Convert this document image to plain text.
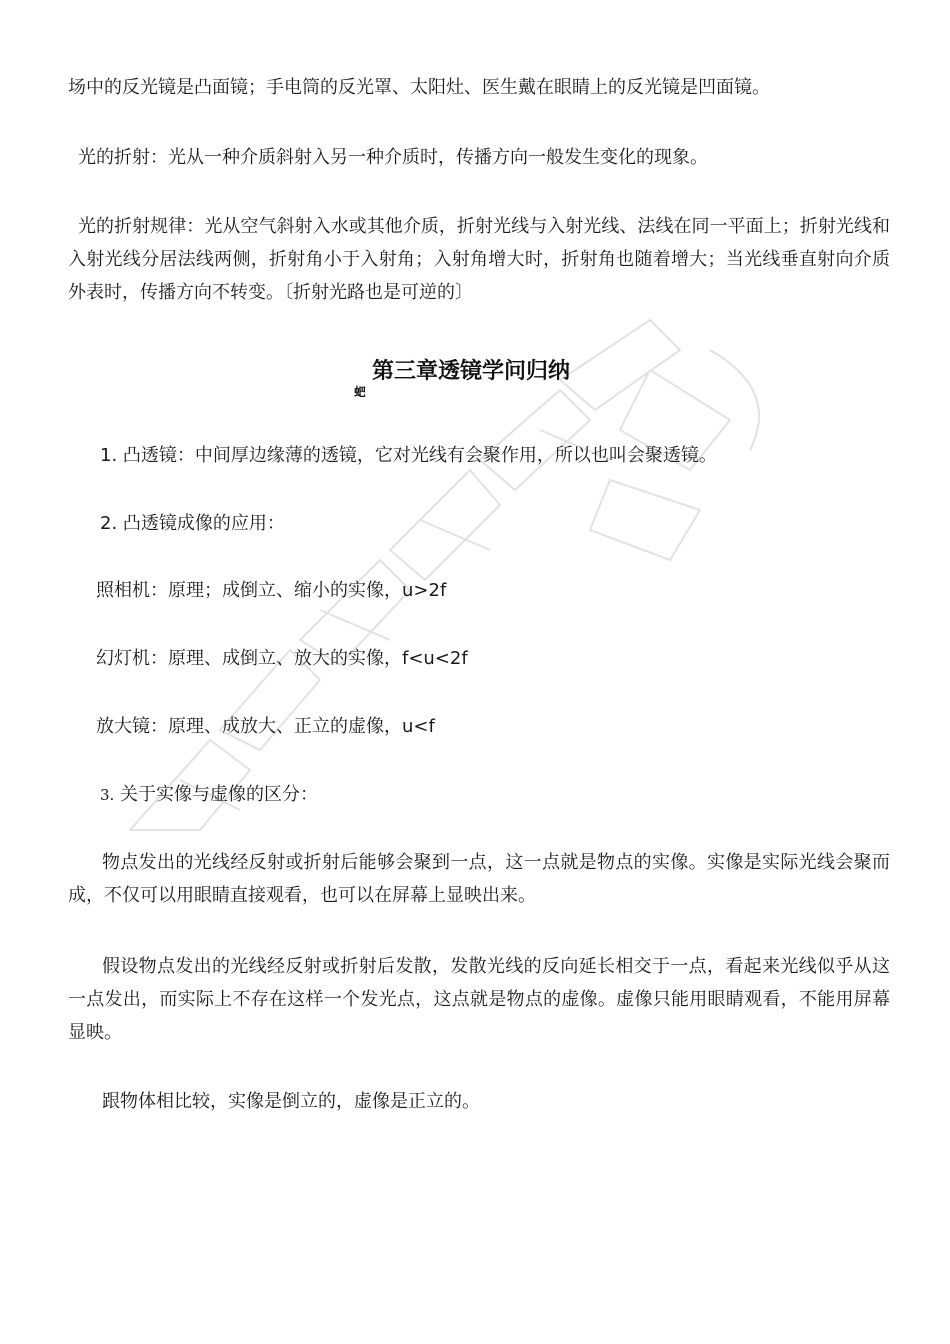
场中的反光镜是凸面镜；手电筒的反光罩、太阳灶、医生戴在眼睛上的反光镜是凹面镜。
光的折射：光从一种介质斜射入另一种介质时，传播方向一般发生变化的现象。
光的折射规律：光从空气斜射入水或其他介质，折射光线与入射光线、法线在同一平面上；折射光线和入射光线分居法线两侧，折射角小于入射角；入射角增大时，折射角也随着增大；当光线垂直射向介质外表时，传播方向不转变。〔折射光路也是可逆的〕
第三章透镜学问归纳
蚆
1. 凸透镜：中间厚边缘薄的透镜，它对光线有会聚作用，所以也叫会聚透镜。
2. 凸透镜成像的应用：
照相机：原理；成倒立、缩小的实像，u>2f
幻灯机：原理、成倒立、放大的实像，f<u<2f
放大镜：原理、成放大、正立的虚像，u<f
3. 关于实像与虚像的区分：
物点发出的光线经反射或折射后能够会聚到一点，这一点就是物点的实像。实像是实际光线会聚而成，不仅可以用眼睛直接观看，也可以在屏幕上显映出来。
假设物点发出的光线经反射或折射后发散，发散光线的反向延长相交于一点，看起来光线似乎从这一点发出，而实际上不存在这样一个发光点，这点就是物点的虚像。虚像只能用眼睛观看，不能用屏幕显映。
跟物体相比较，实像是倒立的，虚像是正立的。
